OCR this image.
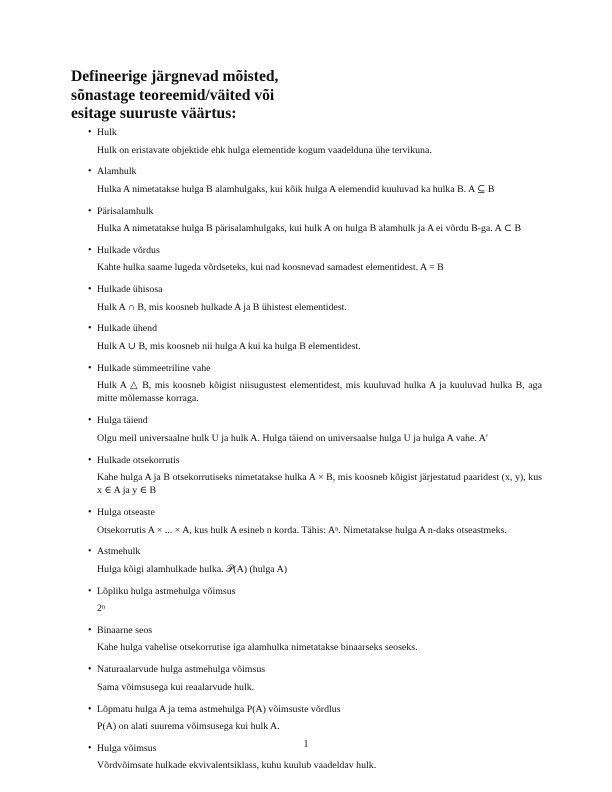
Defineerige järgnevad mõisted,
sõnastage teoreemid/väited või
esitage suuruste väärtus:
• Hulk
Hulk on eristavate objektide ehk hulga elementide kogum vaadelduna ühe tervikuna.
• Alamhulk
Hulka A nimetatakse hulga B alamhulgaks, kui kõik hulga A elemendid kuuluvad ka hulka B. A ⊆ B
• Pärisalamhulk
Hulka A nimetatakse hulga B pärisalamhulgaks, kui hulk A on hulga B alamhulk ja A ei võrdu B-ga. A ⊂ B
• Hulkade võrdus
Kahte hulka saame lugeda võrdseteks, kui nad koosnevad samadest elementidest. A = B
• Hulkade ühisosa
Hulk A ∩ B, mis koosneb hulkade A ja B ühistest elementidest.
• Hulkade ühend
Hulk A ∪ B, mis koosneb nii hulga A kui ka hulga B elementidest.
• Hulkade sümmeetriline vahe
Hulk A △ B, mis koosneb kõigist niisugustest elementidest, mis kuuluvad hulka A ja kuuluvad hulka B, aga mitte mõlemasse korraga.
• Hulga täiend
Olgu meil universaalne hulk U ja hulk A. Hulga täiend on universaalse hulga U ja hulga A vahe. A′
• Hulkade otsekorrutis
Kahe hulga A ja B otsekorrutiseks nimetatakse hulka A × B, mis koosneb kõigist järjestatud paaridest (x, y), kus x ∈ A ja y ∈ B
• Hulga otseaste
Otsekorrutis A × ... × A, kus hulk A esineb n korda. Tähis: Aⁿ. Nimetatakse hulga A n-daks otseastmeks.
• Astmehulk
Hulga kõigi alamhulkade hulka. 𝒫(A) (hulga A)
• Lõpliku hulga astmehulga võimsus
2ⁿ
• Binaarne seos
Kahe hulga vahelise otsekorrutise iga alamhulka nimetatakse binaarseks seoseks.
• Naturaalarvude hulga astmehulga võimsus
Sama võimsusega kui reaalarvude hulk.
• Lõpmatu hulga A ja tema astmehulga P(A) võimsuste võrdlus
P(A) on alati suurema võimsusega kui hulk A.
• Hulga võimsus
Võrdvõimsate hulkade ekvivalentsiklass, kuhu kuulub vaadeldav hulk.
1
